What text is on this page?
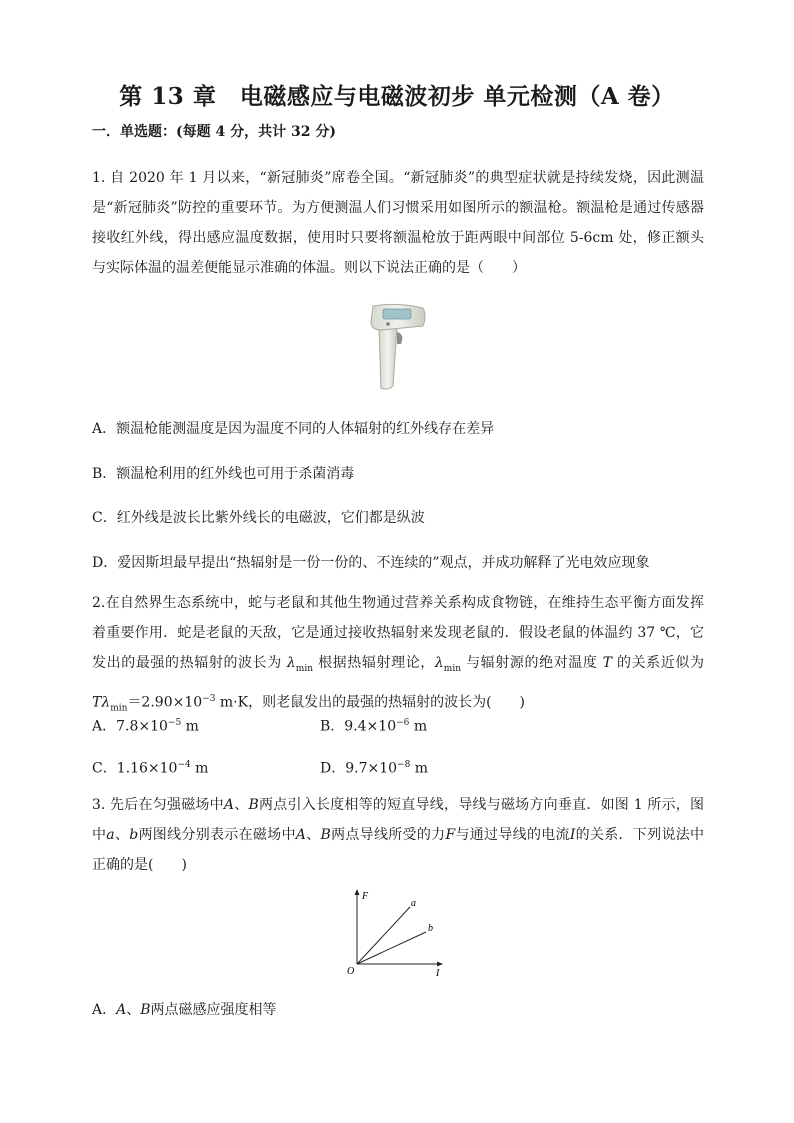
第 13 章　电磁感应与电磁波初步 单元检测（A 卷）
一．单选题：(每题 4 分，共计 32 分)
1. 自 2020 年 1 月以来，“新冠肺炎”席卷全国。“新冠肺炎”的典型症状就是持续发烧，因此测温是“新冠肺炎”防控的重要环节。为方便测温人们习惯采用如图所示的额温枪。额温枪是通过传感器接收红外线，得出感应温度数据，使用时只要将额温枪放于距两眼中间部位 5-6cm 处，修正额头与实际体温的温差便能显示准确的体温。则以下说法正确的是（　　）
A．额温枪能测温度是因为温度不同的人体辐射的红外线存在差异
B．额温枪利用的红外线也可用于杀菌消毒
C．红外线是波长比紫外线长的电磁波，它们都是纵波
D．爱因斯坦最早提出“热辐射是一份一份的、不连续的”观点，并成功解释了光电效应现象
2.在自然界生态系统中，蛇与老鼠和其他生物通过营养关系构成食物链，在维持生态平衡方面发挥着重要作用．蛇是老鼠的天敌，它是通过接收热辐射来发现老鼠的．假设老鼠的体温约 37 ℃，它发出的最强的热辐射的波长为 $\lambda_{min}$ 根据热辐射理论，$\lambda_{min}$ 与辐射源的绝对温度 T 的关系近似为 $T\lambda_{min}=2.90\times 10^{-3}$ m·K，则老鼠发出的最强的热辐射的波长为(　　)
A．$7.8\times 10^{-5}$ m	B．$9.4\times 10^{-6}$ m
C．$1.16\times 10^{-4}$ m	D．$9.7\times 10^{-8}$ m
3. 先后在匀强磁场中A、B两点引入长度相等的短直导线，导线与磁场方向垂直．如图 1 所示，图中a、b两图线分别表示在磁场中A、B两点导线所受的力F与通过导线的电流I的关系．下列说法中正确的是(　　)
F
I
O
a
b
A．A、B两点磁感应强度相等
